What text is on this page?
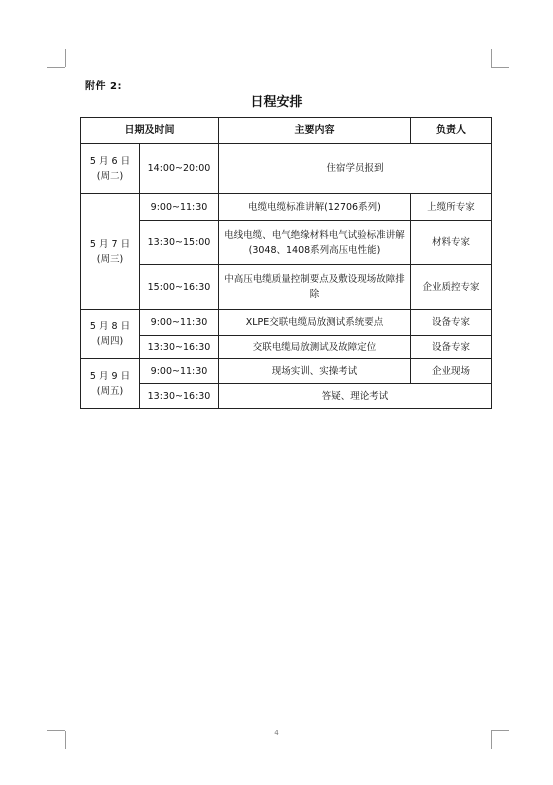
附件 2:
日程安排
日期及时间		主要内容	负责人

5 月 6 日
(周二)	14:00~20:00	住宿学员报到	

5 月 7 日
(周三)	9:00~11:30	电缆电缆标准讲解(12706系列)	上缆所专家
	13:30~15:00	电线电缆、电气绝缘材料电气试验标准讲解(3048、1408系列高压电性能)	材料专家
	15:00~16:30	中高压电缆质量控制要点及敷设现场故障排除	企业质控专家

5 月 8 日
(周四)	9:00~11:30	XLPE交联电缆局放测试系统要点	设备专家
	13:30~16:30	交联电缆局放测试及故障定位	设备专家

5 月 9 日
(周五)	9:00~11:30	现场实训、实操考试	企业现场
	13:30~16:30	答疑、理论考试	
4
